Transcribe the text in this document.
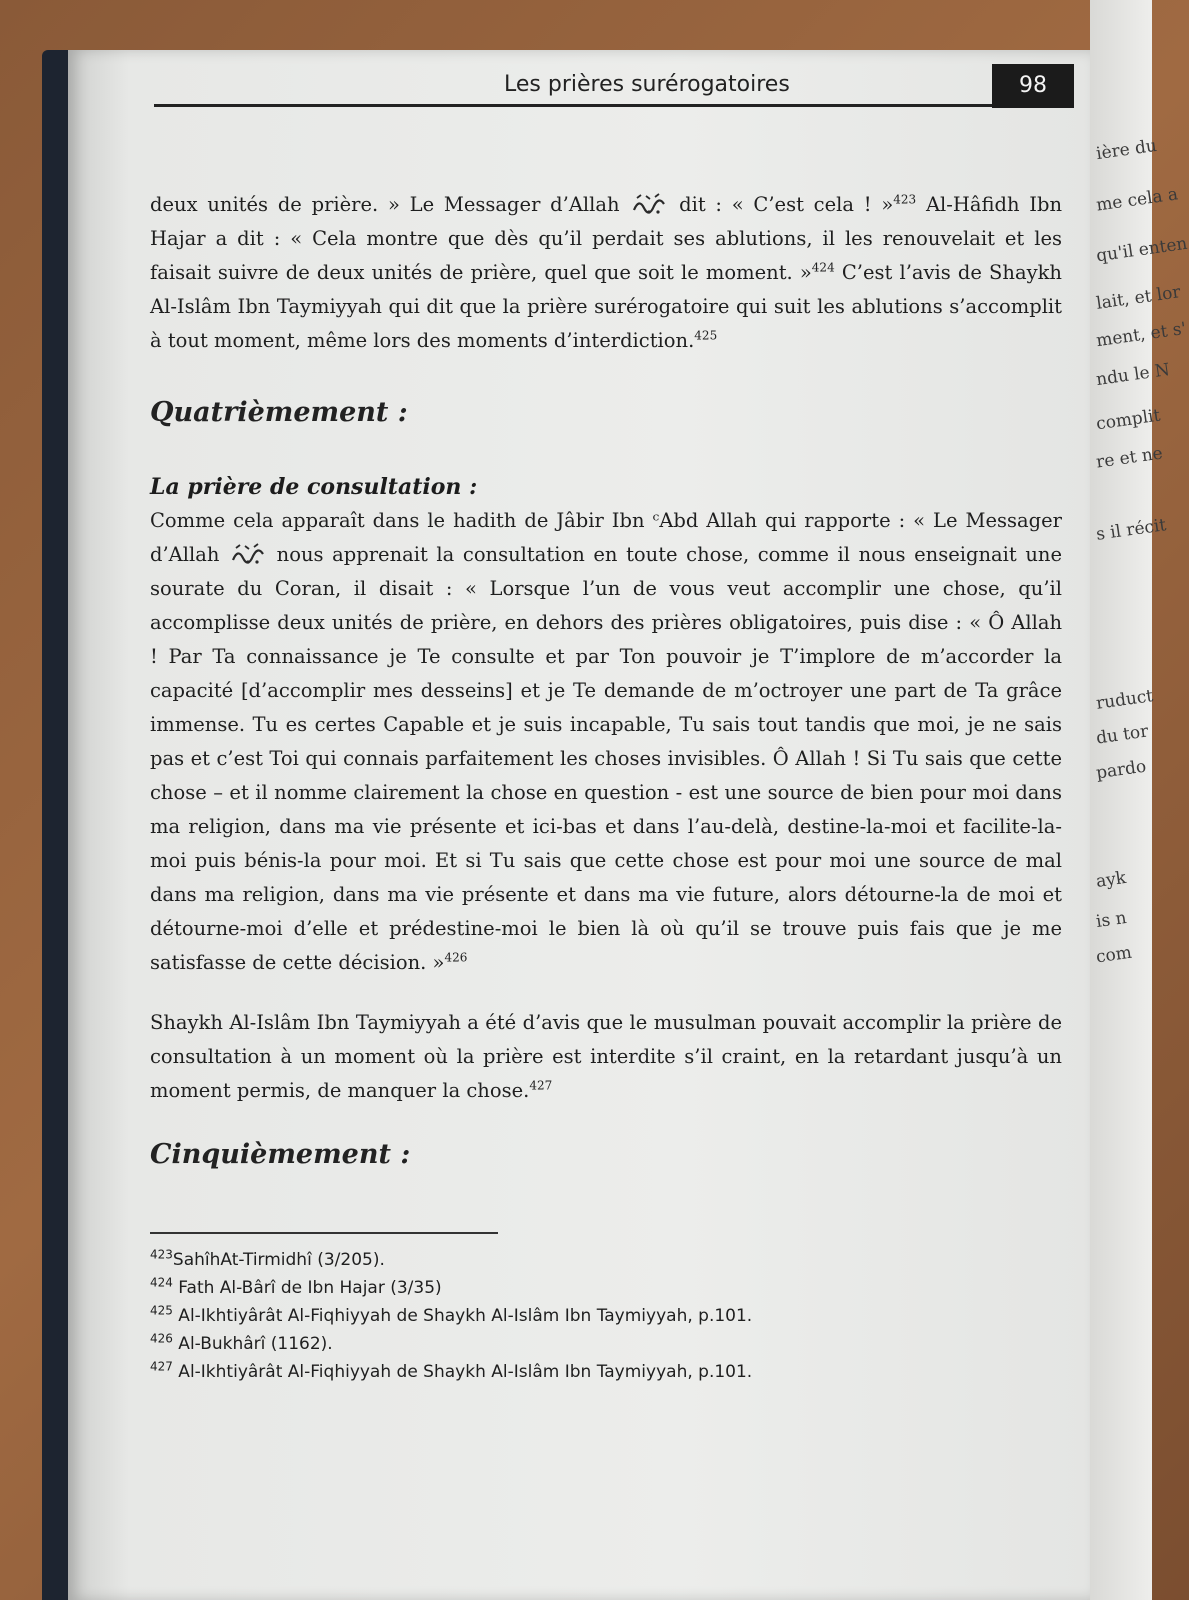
ière du
me cela a
qu'il enten
lait, et lor
ment, et s'
ndu le N
complit
re et ne
s il récit
ruduct
du tor
pardo
ayk
is n
com
Les prières surérogatoires	98

deux unités de prière. » Le Messager d’Allah	dit : « C’est cela ! »$^{423}$ Al-Hâfidh Ibn Hajar a dit : « Cela montre que dès qu’il perdait ses ablutions, il les renouvelait et les faisait suivre de deux unités de prière, quel que soit le moment. »$^{424}$ C’est l’avis de Shaykh Al-Islâm Ibn Taymiyyah qui dit que la prière surérogatoire qui suit les ablutions s’accomplit à tout moment, même lors des moments d’interdiction.$^{425}$

Quatrièmement :
La prière de consultation :

Comme cela apparaît dans le hadith de Jâbir Ibn ᶜAbd Allah qui rapporte : « Le Messager d’Allah	nous apprenait la consultation en toute chose, comme il nous enseignait une sourate du Coran, il disait : « Lorsque l’un de vous veut accomplir une chose, qu’il accomplisse deux unités de prière, en dehors des prières obligatoires, puis dise : « Ô Allah ! Par Ta connaissance je Te consulte et par Ton pouvoir je T’implore de m’accorder la capacité [d’accomplir mes desseins] et je Te demande de m’octroyer une part de Ta grâce immense. Tu es certes Capable et je suis incapable, Tu sais tout tandis que moi, je ne sais pas et c’est Toi qui connais parfaitement les choses invisibles. Ô Allah ! Si Tu sais que cette chose – et il nomme clairement la chose en question - est une source de bien pour moi dans ma religion, dans ma vie présente et ici-bas et dans l’au-delà, destine-la-moi et facilite-la-moi puis bénis-la pour moi. Et si Tu sais que cette chose est pour moi une source de mal dans ma religion, dans ma vie présente et dans ma vie future, alors détourne-la de moi et détourne-moi d’elle et prédestine-moi le bien là où qu’il se trouve puis fais que je me satisfasse de cette décision. »$^{426}$

Shaykh Al-Islâm Ibn Taymiyyah a été d’avis que le musulman pouvait accomplir la prière de consultation à un moment où la prière est interdite s’il craint, en la retardant jusqu’à un moment permis, de manquer la chose.$^{427}$

Cinquièmement :

$^{423}$SahîhAt-Tirmidhî (3/205).

$^{424}$ Fath Al-Bârî de Ibn Hajar (3/35)

$^{425}$ Al-Ikhtiyârât Al-Fiqhiyyah de Shaykh Al-Islâm Ibn Taymiyyah, p.101.

$^{426}$ Al-Bukhârî (1162).

$^{427}$ Al-Ikhtiyârât Al-Fiqhiyyah de Shaykh Al-Islâm Ibn Taymiyyah, p.101.
